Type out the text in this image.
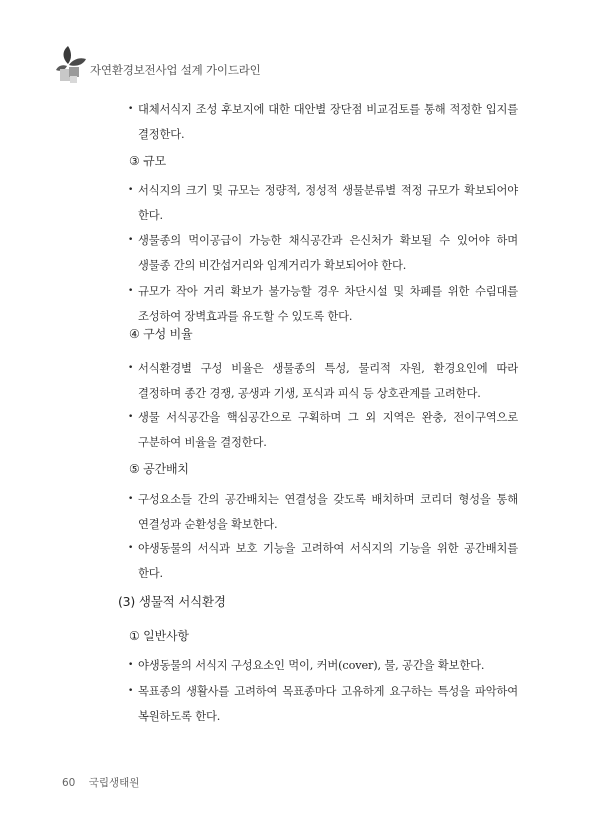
자연환경보전사업 설계 가이드라인
• 대체서식지 조성 후보지에 대한 대안별 장단점 비교검토를 통해 적정한 입지를
결정한다.
③ 규모
• 서식지의 크기 및 규모는 정량적, 정성적 생물분류별 적정 규모가 확보되어야
한다.
• 생물종의 먹이공급이 가능한 채식공간과 은신처가 확보될 수 있어야 하며
생물종 간의 비간섭거리와 임계거리가 확보되어야 한다.
• 규모가 작아 거리 확보가 불가능할 경우 차단시설 및 차폐를 위한 수림대를
조성하여 장벽효과를 유도할 수 있도록 한다.
④ 구성 비율
• 서식환경별 구성 비율은 생물종의 특성, 물리적 자원, 환경요인에 따라
결정하며 종간 경쟁, 공생과 기생, 포식과 피식 등 상호관계를 고려한다.
• 생물 서식공간을 핵심공간으로 구획하며 그 외 지역은 완충, 전이구역으로
구분하여 비율을 결정한다.
⑤ 공간배치
• 구성요소들 간의 공간배치는 연결성을 갖도록 배치하며 코리더 형성을 통해
연결성과 순환성을 확보한다.
• 야생동물의 서식과 보호 기능을 고려하여 서식지의 기능을 위한 공간배치를
한다.
(3) 생물적 서식환경
① 일반사항
• 야생동물의 서식지 구성요소인 먹이, 커버(cover), 물, 공간을 확보한다.
• 목표종의 생활사를 고려하여 목표종마다 고유하게 요구하는 특성을 파악하여
복원하도록 한다.
60 국립생태원
